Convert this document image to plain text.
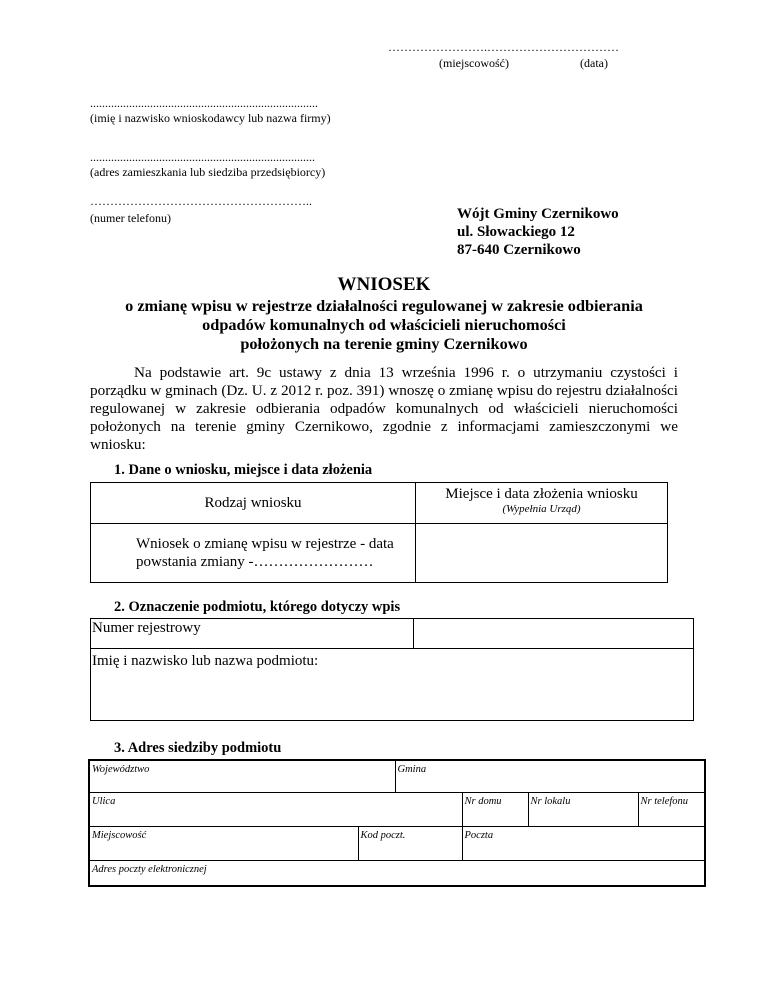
…………………….……………………………
(miejscowość)	(data)
............................................................................
(imię i nazwisko wnioskodawcy lub nazwa firmy)
...........................................................................
(adres zamieszkania lub siedziba przedsiębiorcy)
………………………………………………..
(numer telefonu)	Wójt Gminy Czernikowo
ul. Słowackiego 12
87-640 Czernikowo
WNIOSEK
o zmianę wpisu w rejestrze działalności regulowanej w zakresie odbierania
odpadów komunalnych od właścicieli nieruchomości
położonych na terenie gminy Czernikowo
Na podstawie art. 9c ustawy z dnia 13 września 1996 r. o utrzymaniu czystości i porządku w gminach (Dz. U. z 2012 r. poz. 391) wnoszę o zmianę wpisu do rejestru działalności regulowanej w zakresie odbierania odpadów komunalnych od właścicieli nieruchomości położonych na terenie gminy Czernikowo, zgodnie z informacjami zamieszczonymi we wniosku:
1. Dane o wniosku, miejsce i data złożenia
Rodzaj wniosku	Miejsce i data złożenia wniosku
(Wypełnia Urząd)

Wniosek o zmianę wpisu w rejestrze - data
powstania zmiany -……………………	

2. Oznaczenie podmiotu, którego dotyczy wpis
Numer rejestrowy	
Imię i nazwisko lub nazwa podmiotu:
3. Adres siedziby podmiotu
Województwo		Gmina			
Ulica			Nr domu	Nr lokalu	Nr telefonu
Miejscowość	Kod poczt.		Poczta		
Adres poczty elektronicznej					
